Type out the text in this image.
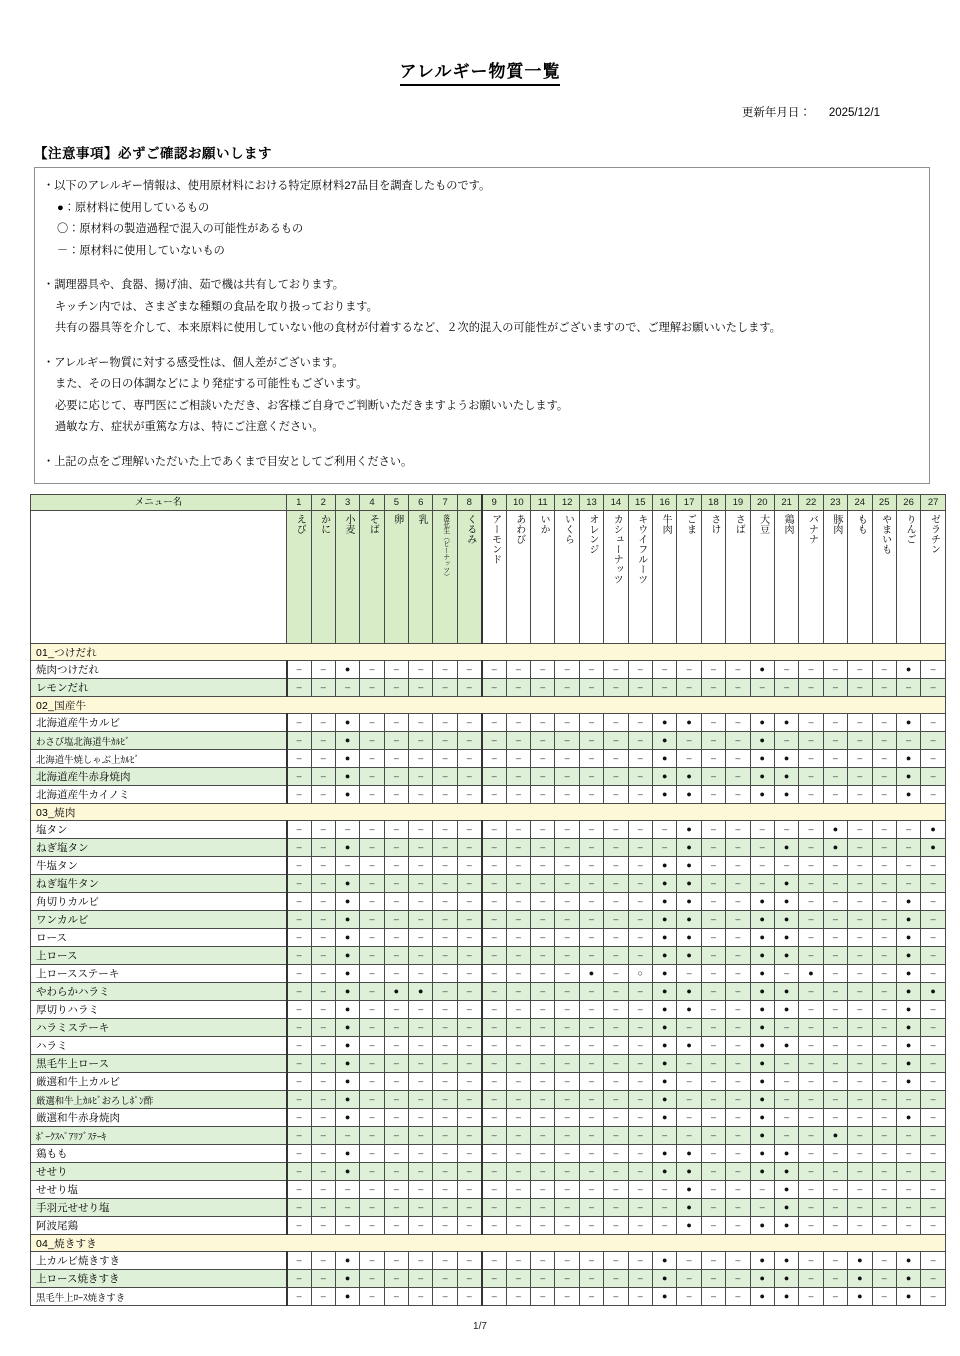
アレルギー物質一覧
更新年月日： 2025/12/1
【注意事項】必ずご確認お願いします
・以下のアレルギー情報は、使用原材料における特定原材料27品目を調査したものです。
●：原材料に使用しているもの
〇：原材料の製造過程で混入の可能性があるもの
－：原材料に使用していないもの
・調理器具や、食器、揚げ油、茹で機は共有しております。
キッチン内では、さまざまな種類の食品を取り扱っております。
共有の器具等を介して、本来原料に使用していない他の食材が付着するなど、２次的混入の可能性がございますので、ご理解お願いいたします。
・アレルギー物質に対する感受性は、個人差がございます。
また、その日の体調などにより発症する可能性もございます。
必要に応じて、専門医にご相談いただき、お客様ご自身でご判断いただきますようお願いいたします。
過敏な方、症状が重篤な方は、特にご注意ください。
・上記の点をご理解いただいた上であくまで目安としてご利用ください。
メニュー名	1	2	3	4	5	6	7	8	9	10	11	12	13	14	15	16	17	18	19	20	21	22	23	24	25	26	27

えび	かに	小麦	そば	卵	乳	落花生（ピーナッツ）	くるみ	アーモンド	あわび	いか	いくら	オレンジ	カシューナッツ	キウイフルーツ	牛肉	ごま	さけ	さば	大豆	鶏肉	バナナ	豚肉	もも	やまいも	りんご	ゼラチン

01_つけだれ																											
焼肉つけだれ	–	–	●	–	–	–	–	–	–	–	–	–	–	–	–	–	–	–	–	●	–	–	–	–	–	●	–
レモンだれ	–	–	–	–	–	–	–	–	–	–	–	–	–	–	–	–	–	–	–	–	–	–	–	–	–	–	–
02_国産牛																											
北海道産牛カルビ	–	–	●	–	–	–	–	–	–	–	–	–	–	–	–	●	●	–	–	●	●	–	–	–	–	●	–
わさび塩北海道牛ｶﾙﾋﾞ	–	–	●	–	–	–	–	–	–	–	–	–	–	–	–	●	–	–	–	●	–	–	–	–	–	–	–
北海道牛焼しゃぶ上ｶﾙﾋﾞ	–	–	●	–	–	–	–	–	–	–	–	–	–	–	–	●	–	–	–	●	●	–	–	–	–	●	–
北海道産牛赤身焼肉	–	–	●	–	–	–	–	–	–	–	–	–	–	–	–	●	●	–	–	●	●	–	–	–	–	●	–
北海道産牛カイノミ	–	–	●	–	–	–	–	–	–	–	–	–	–	–	–	●	●	–	–	●	●	–	–	–	–	●	–
03_焼肉																											
塩タン	–	–	–	–	–	–	–	–	–	–	–	–	–	–	–	–	●	–	–	–	–	–	●	–	–	–	●
ねぎ塩タン	–	–	●	–	–	–	–	–	–	–	–	–	–	–	–	–	●	–	–	–	●	–	●	–	–	–	●
牛塩タン	–	–	–	–	–	–	–	–	–	–	–	–	–	–	–	●	●	–	–	–	–	–	–	–	–	–	–
ねぎ塩牛タン	–	–	●	–	–	–	–	–	–	–	–	–	–	–	–	●	●	–	–	–	●	–	–	–	–	–	–
角切りカルビ	–	–	●	–	–	–	–	–	–	–	–	–	–	–	–	●	●	–	–	●	●	–	–	–	–	●	–
ワンカルビ	–	–	●	–	–	–	–	–	–	–	–	–	–	–	–	●	●	–	–	●	●	–	–	–	–	●	–
ロース	–	–	●	–	–	–	–	–	–	–	–	–	–	–	–	●	●	–	–	●	●	–	–	–	–	●	–
上ロース	–	–	●	–	–	–	–	–	–	–	–	–	–	–	–	●	●	–	–	●	●	–	–	–	–	●	–
上ロースステーキ	–	–	●	–	–	–	–	–	–	–	–	–	●	–	○	●	–	–	–	●	–	●	–	–	–	●	–
やわらかハラミ	–	–	●	–	●	●	–	–	–	–	–	–	–	–	–	●	●	–	–	●	●	–	–	–	–	●	●
厚切りハラミ	–	–	●	–	–	–	–	–	–	–	–	–	–	–	–	●	●	–	–	●	●	–	–	–	–	●	–
ハラミステーキ	–	–	●	–	–	–	–	–	–	–	–	–	–	–	–	●	–	–	–	●	–	–	–	–	–	●	–
ハラミ	–	–	●	–	–	–	–	–	–	–	–	–	–	–	–	●	●	–	–	●	●	–	–	–	–	●	–
黒毛牛上ロース	–	–	●	–	–	–	–	–	–	–	–	–	–	–	–	●	–	–	–	●	–	–	–	–	–	●	–
厳選和牛上カルビ	–	–	●	–	–	–	–	–	–	–	–	–	–	–	–	●	–	–	–	●	–	–	–	–	–	●	–
厳選和牛上ｶﾙﾋﾞおろしﾎﾟﾝ酢	–	–	●	–	–	–	–	–	–	–	–	–	–	–	–	●	–	–	–	●	–	–	–	–	–	–	–
厳選和牛赤身焼肉	–	–	●	–	–	–	–	–	–	–	–	–	–	–	–	●	–	–	–	●	–	–	–	–	–	●	–
ﾎﾟｰｸｽﾍﾟｱﾘﾌﾞｽﾃｰｷ	–	–	–	–	–	–	–	–	–	–	–	–	–	–	–	–	–	–	–	●	–	–	●	–	–	–	–
鶏もも	–	–	●	–	–	–	–	–	–	–	–	–	–	–	–	●	●	–	–	●	●	–	–	–	–	–	–
せせり	–	–	●	–	–	–	–	–	–	–	–	–	–	–	–	●	●	–	–	●	●	–	–	–	–	–	–
せせり塩	–	–	–	–	–	–	–	–	–	–	–	–	–	–	–	–	●	–	–	–	●	–	–	–	–	–	–
手羽元せせり塩	–	–	–	–	–	–	–	–	–	–	–	–	–	–	–	–	●	–	–	–	●	–	–	–	–	–	–
阿波尾鶏	–	–	–	–	–	–	–	–	–	–	–	–	–	–	–	–	●	–	–	●	●	–	–	–	–	–	–
04_焼きすき																											
上カルビ焼きすき	–	–	●	–	–	–	–	–	–	–	–	–	–	–	–	●	–	–	–	●	●	–	–	●	–	●	–
上ロース焼きすき	–	–	●	–	–	–	–	–	–	–	–	–	–	–	–	●	–	–	–	●	●	–	–	●	–	●	–
黒毛牛上ﾛｰｽ焼きすき	–	–	●	–	–	–	–	–	–	–	–	–	–	–	–	●	–	–	–	●	●	–	–	●	–	●	–
1/7
